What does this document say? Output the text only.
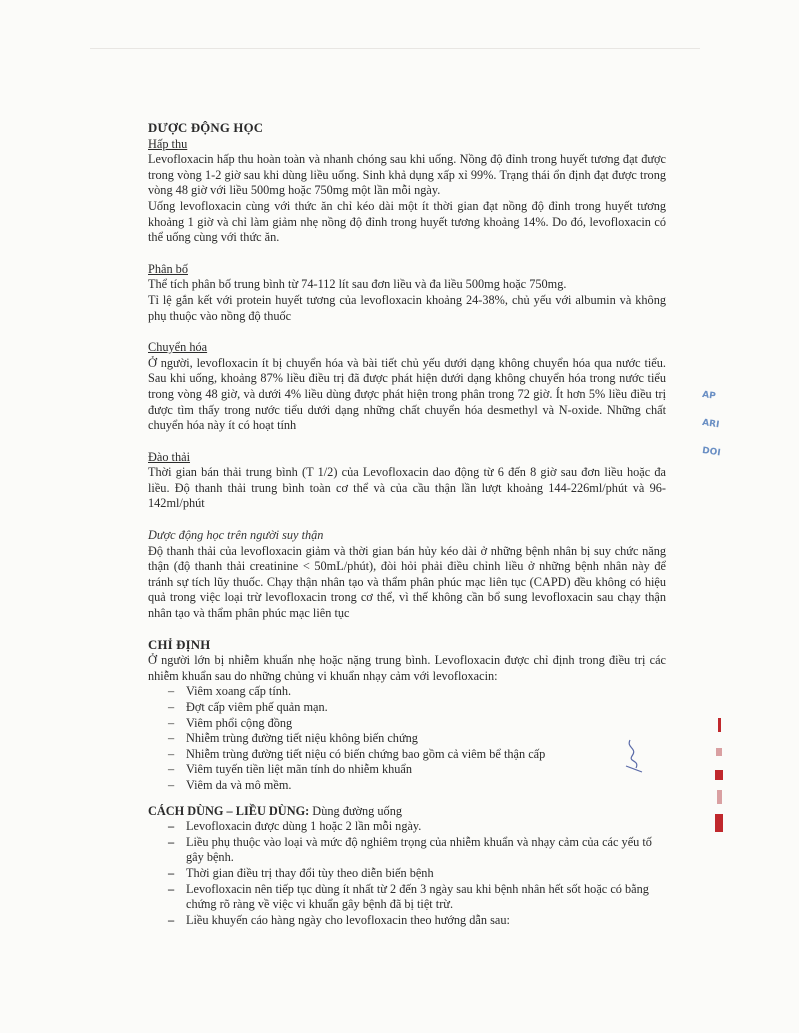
DƯỢC ĐỘNG HỌC
Hấp thu

Levofloxacin hấp thu hoàn toàn và nhanh chóng sau khi uống. Nồng độ đỉnh trong huyết tương đạt được trong vòng 1-2 giờ sau khi dùng liều uống. Sinh khả dụng xấp xỉ 99%. Trạng thái ổn định đạt được trong vòng 48 giờ với liều 500mg hoặc 750mg một lần mỗi ngày.

Uống levofloxacin cùng với thức ăn chỉ kéo dài một ít thời gian đạt nồng độ đỉnh trong huyết tương khoảng 1 giờ và chỉ làm giảm nhẹ nồng độ đỉnh trong huyết tương khoảng 14%. Do đó, levofloxacin có thể uống cùng với thức ăn.

Phân bố

Thể tích phân bố trung bình từ 74-112 lít sau đơn liều và đa liều 500mg hoặc 750mg.

Tỉ lệ gắn kết với protein huyết tương của levofloxacin khoảng 24-38%, chủ yếu với albumin và không phụ thuộc vào nồng độ thuốc

Chuyển hóa

Ở người, levofloxacin ít bị chuyển hóa và bài tiết chủ yếu dưới dạng không chuyển hóa qua nước tiểu. Sau khi uống, khoảng 87% liều điều trị đã được phát hiện dưới dạng không chuyển hóa trong nước tiểu trong vòng 48 giờ, và dưới 4% liều dùng được phát hiện trong phân trong 72 giờ. Ít hơn 5% liều điều trị được tìm thấy trong nước tiểu dưới dạng những chất chuyển hóa desmethyl và N-oxide. Những chất chuyển hóa này ít có hoạt tính

Đào thải

Thời gian bán thải trung bình (T 1/2) của Levofloxacin dao động từ 6 đến 8 giờ sau đơn liều hoặc đa liều. Độ thanh thải trung bình toàn cơ thể và của cầu thận lần lượt khoảng 144-226ml/phút và 96-142ml/phút

Dược động học trên người suy thận

Độ thanh thải của levofloxacin giảm và thời gian bán hủy kéo dài ở những bệnh nhân bị suy chức năng thận (độ thanh thải creatinine < 50mL/phút), đòi hỏi phải điều chỉnh liều ở những bệnh nhân này để tránh sự tích lũy thuốc. Chạy thận nhân tạo và thẩm phân phúc mạc liên tục (CAPD) đều không có hiệu quả trong việc loại trừ levofloxacin trong cơ thể, vì thế không cần bổ sung levofloxacin sau chạy thận nhân tạo và thẩm phân phúc mạc liên tục

CHỈ ĐỊNH

Ở người lớn bị nhiễm khuẩn nhẹ hoặc nặng trung bình. Levofloxacin được chỉ định trong điều trị các nhiễm khuẩn sau do những chủng vi khuẩn nhạy cảm với levofloxacin:

– Viêm xoang cấp tính.
– Đợt cấp viêm phế quản mạn.
– Viêm phổi cộng đồng
– Nhiễm trùng đường tiết niệu không biến chứng
– Nhiễm trùng đường tiết niệu có biến chứng bao gồm cả viêm bể thận cấp
– Viêm tuyến tiền liệt mãn tính do nhiễm khuẩn
– Viêm da và mô mềm.
CÁCH DÙNG – LIỀU DÙNG: Dùng đường uống
– Levofloxacin được dùng 1 hoặc 2 lần mỗi ngày.
– Liều phụ thuộc vào loại và mức độ nghiêm trọng của nhiễm khuẩn và nhạy cảm của các yếu tố gây bệnh.
– Thời gian điều trị thay đổi tùy theo diễn biến bệnh
– Levofloxacin nên tiếp tục dùng ít nhất từ 2 đến 3 ngày sau khi bệnh nhân hết sốt hoặc có bằng chứng rõ ràng về việc vi khuẩn gây bệnh đã bị tiệt trừ.
– Liều khuyến cáo hàng ngày cho levofloxacin theo hướng dẫn sau:
AP
ARI
DOI
